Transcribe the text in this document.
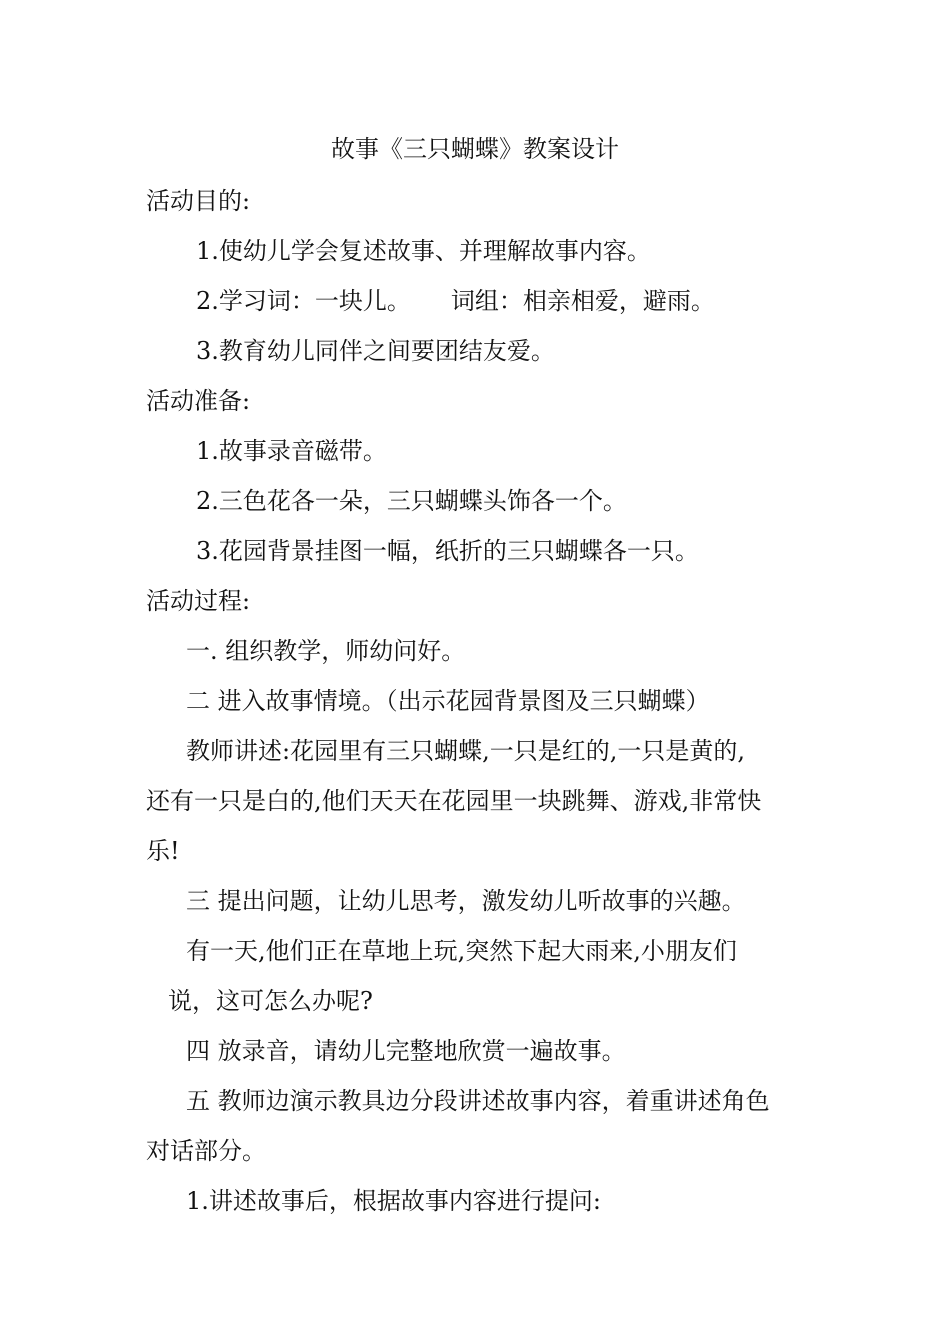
故事《三只蝴蝶》教案设计
活动目的:
1.使幼儿学会复述故事、并理解故事内容。
2.学习词：一块儿。 词组：相亲相爱，避雨。
3.教育幼儿同伴之间要团结友爱。
活动准备:
1.故事录音磁带。
2.三色花各一朵，三只蝴蝶头饰各一个。
3.花园背景挂图一幅，纸折的三只蝴蝶各一只。
活动过程:
一. 组织教学，师幼问好。
二 进入故事情境。（出示花园背景图及三只蝴蝶）
教师讲述:花园里有三只蝴蝶,一只是红的,一只是黄的,
还有一只是白的,他们天天在花园里一块跳舞、游戏,非常快
乐!
三 提出问题，让幼儿思考，激发幼儿听故事的兴趣。
有一天,他们正在草地上玩,突然下起大雨来,小朋友们
说，这可怎么办呢?
四 放录音，请幼儿完整地欣赏一遍故事。
五 教师边演示教具边分段讲述故事内容，着重讲述角色
对话部分。
1.讲述故事后，根据故事内容进行提问:
